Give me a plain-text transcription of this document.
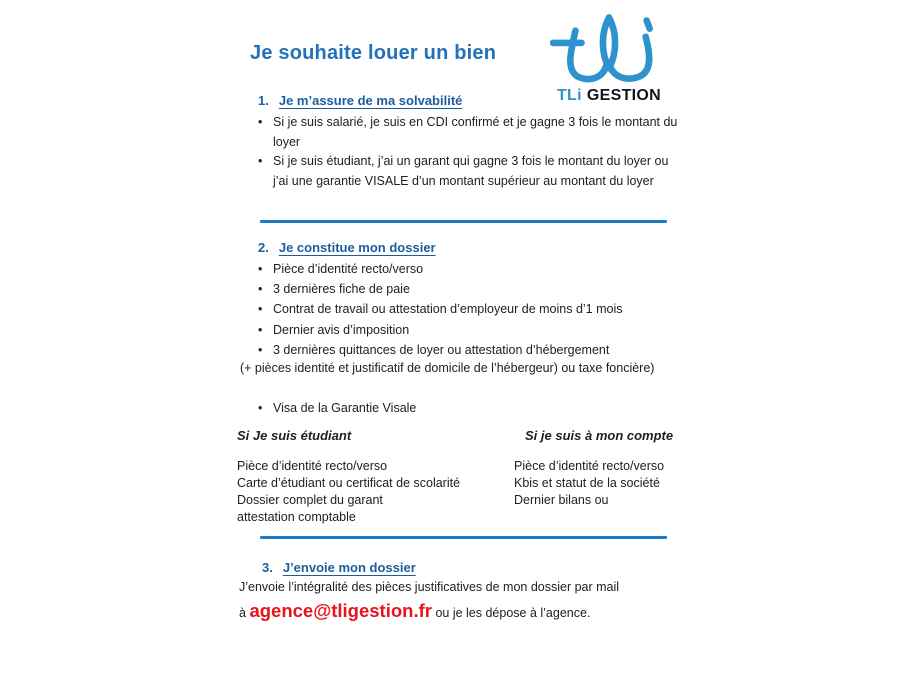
Je souhaite louer un bien
TLi GESTION
1. Je m’assure de ma solvabilité
• Si je suis salarié, je suis en CDI confirmé et je gagne 3 fois le montant du loyer
• Si je suis étudiant, j’ai un garant qui gagne 3 fois le montant du loyer ou j’ai une garantie VISALE d’un montant supérieur au montant du loyer
2. Je constitue mon dossier
• Pièce d’identité recto/verso
• 3 dernières fiche de paie
• Contrat de travail ou attestation d’employeur de moins d’1 mois
• Dernier avis d’imposition
• 3 dernières quittances de loyer ou attestation d’hébergement
(+ pièces identité et justificatif de domicile de l’hébergeur) ou taxe foncière)
• Visa de la Garantie Visale
Si Je suis étudiant
Pièce d’identité recto/verso
Carte d’étudiant ou certificat de scolarité
Dossier complet du garant
attestation comptable
Si je suis à mon compte
Pièce d’identité recto/verso
Kbis et statut de la société
Dernier bilans ou
3. J’envoie mon dossier
J’envoie l’intégralité des pièces justificatives de mon dossier par mail
à agence@tligestion.fr ou je les dépose à l’agence.
